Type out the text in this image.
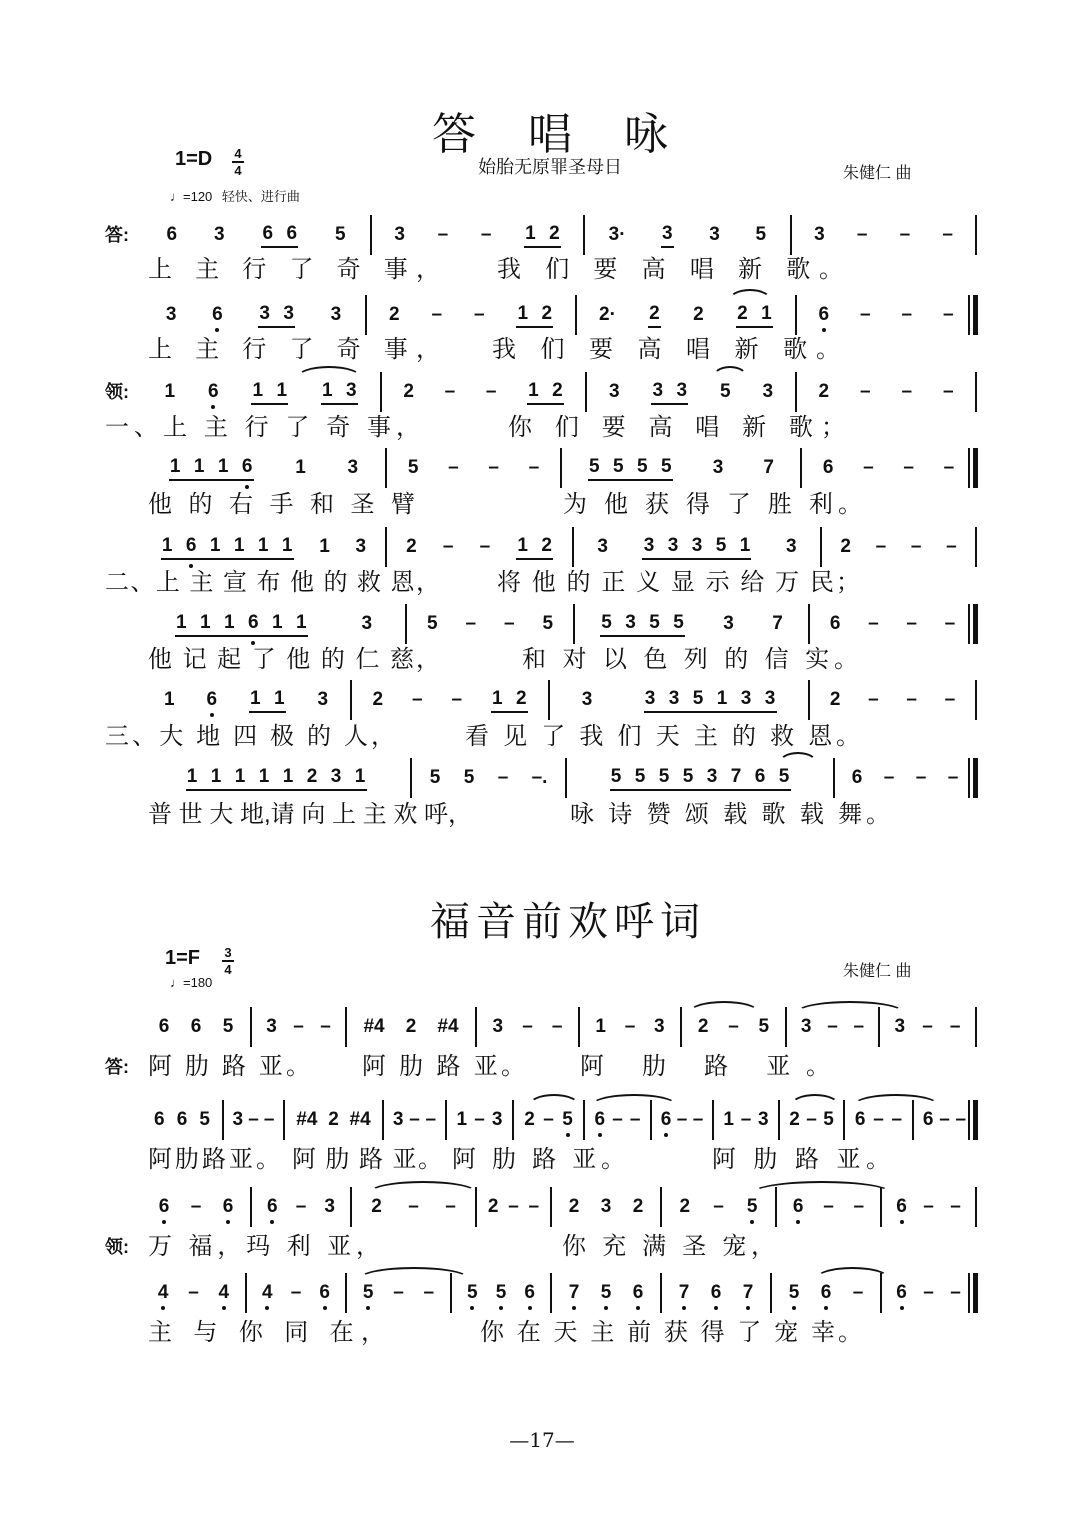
答唱咏
1=D 4
4	始胎无原罪圣母日	朱健仁 曲
♩=120 轻快、进行曲
福音前欢呼词
1=F 3
4	朱健仁 曲
♩=180
—17—
答: 6 3 6 6 5	3 – – 1 2	3· 3 3 5	3 – – –
上 主 行 了 奇 事， 我 们 要 高 唱 新 歌。
3 6 3 3 3	2 – – 1 2 2· 2 2 2 1 6 – – –
上 主 行 了 奇 事， 我 们 要 高 唱 新 歌。
领: 1 6 1 1 1 3 2 – – 1 2 3 3 3 5 3 2 – – –
一、上 主 行 了 奇 事，	你 们 要 高 唱 新 歌；
1 1 1 6 1 3	5 – – –	5 5 5 5 3 7	6 – – –
他 的 右 手 和 圣 臂	为 他 获 得 了 胜 利。
1 6 1 1 1 1 1 3 2 – – 1 2 3 3 3 3 5 1 3 2 – – –
二、上 主 宣 布 他 的 救 恩， 将 他 的 正 义 显 示 给 万 民；
1 1 1 6 1 1	3	5 – – 5	5 3 5 5 3 7 6 – – –
他 记 起 了 他 的 仁 慈，	和 对 以 色 列 的 信 实。
1 6 1 1 3 2 – – 1 2	3	3 3 5 1 3 3	2 – – –
三、大 地 四 极 的 人，	看 见 了 我 们 天 主 的 救 恩。
1 1 1 1 1 2 3 1	5 5 – –.	5 5 5 5 3 7 6 5	6 – – –
普 世 大 地,请 向 上 主 欢 呼，	咏 诗 赞 颂 载 歌 载 舞。
答:
6 6 5 3 – – #4 2 #4 3 – – 1 – 3 2 – 5 3 – – 3 – –
阿 肋 路 亚。 阿 肋 路 亚。 阿 肋 路 亚。
6 6 5 3 – – #4 2 #4 3 – – 1 – 3 2 – 5 6 – – 6 – – 1 – 3 2 – 5 6 – – 6 – –
阿肋路亚。 阿 肋 路 亚。 阿 肋 路 亚。	阿 肋 路 亚。
领:
6 – 6 6 – 3 2 – – 2 – – 2 3 2 2 – 5 6 – – 6 – –
万 福，玛 利 亚，	你 充 满 圣 宠，
4 – 4 4 – 6 5 – – 5 5 6 7 5 6 7 6 7 5 6 – 6 – –
主 与 你 同 在，	你 在 天 主 前 获 得 了 宠 幸。
